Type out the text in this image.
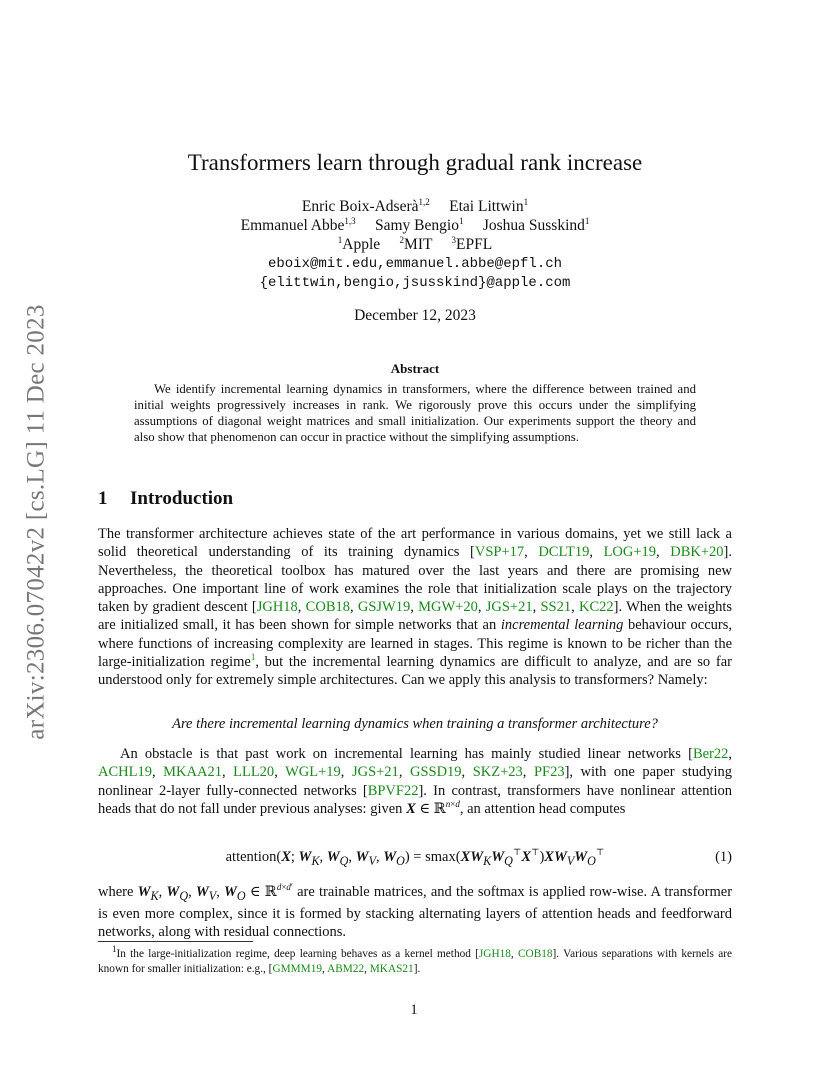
arXiv:2306.07042v2 [cs.LG] 11 Dec 2023
Transformers learn through gradual rank increase
Enric Boix-Adserà$^{1,2}$ Etai Littwin$^1$
Emmanuel Abbe$^{1,3}$ Samy Bengio$^1$ Joshua Susskind$^1$
$^1$Apple $^2$MIT $^3$EPFL
eboix@mit.edu,emmanuel.abbe@epfl.ch
{elittwin,bengio,jsusskind}@apple.com
December 12, 2023
Abstract

We identify incremental learning dynamics in transformers, where the difference between trained and initial weights progressively increases in rank. We rigorously prove this occurs under the simplifying assumptions of diagonal weight matrices and small initialization. Our experiments support the theory and also show that phenomenon can occur in practice without the simplifying assumptions.

1 Introduction

The transformer architecture achieves state of the art performance in various domains, yet we still lack a solid theoretical understanding of its training dynamics [VSP+17, DCLT19, LOG+19, DBK+20]. Nevertheless, the theoretical toolbox has matured over the last years and there are promising new approaches. One important line of work examines the role that initialization scale plays on the trajectory taken by gradient descent [JGH18, COB18, GSJW19, MGW+20, JGS+21, SS21, KC22]. When the weights are initialized small, it has been shown for simple networks that an incremental learning behaviour occurs, where functions of increasing complexity are learned in stages. This regime is known to be richer than the large-initialization regime$^1$, but the incremental learning dynamics are difficult to analyze, and are so far understood only for extremely simple architectures. Can we apply this analysis to transformers? Namely:

Are there incremental learning dynamics when training a transformer architecture?

An obstacle is that past work on incremental learning has mainly studied linear networks [Ber22, ACHL19, MKAA21, LLL20, WGL+19, JGS+21, GSSD19, SKZ+23, PF23], with one paper studying nonlinear 2-layer fully-connected networks [BPVF22]. In contrast, transformers have nonlinear attention heads that do not fall under previous analyses: given X ∈ ℝ$^{n\times d}$, an attention head computes

attention(X; $W_K$, $W_Q$, $W_V$, $W_O) = smax(XW_KW_Q^⊤X^⊤)XW_VW_O^⊤$	(1)

where $W_K$, $W_Q$, $W_V$, $W_O$ ∈ ℝ$^{d\times d'}$ are trainable matrices, and the softmax is applied row-wise. A transformer is even more complex, since it is formed by stacking alternating layers of attention heads and feedforward networks, along with residual connections.

$^1$In the large-initialization regime, deep learning behaves as a kernel method [JGH18, COB18]. Various separations with kernels are known for smaller initialization: e.g., [GMMM19, ABM22, MKAS21].

1
